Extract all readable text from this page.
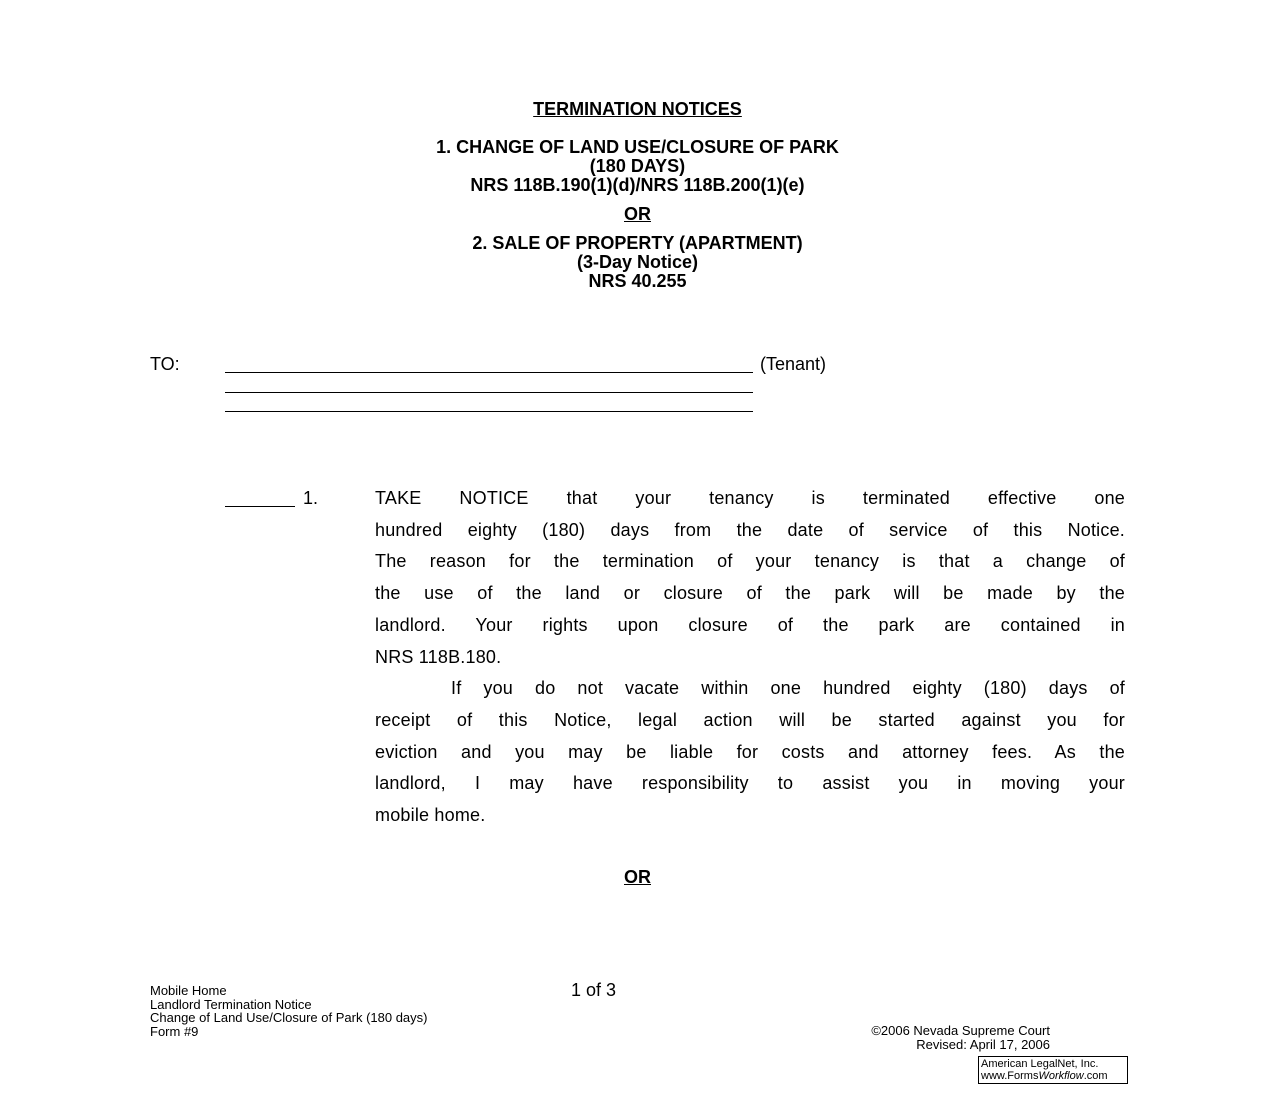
TERMINATION NOTICES
1. CHANGE OF LAND USE/CLOSURE OF PARK
(180 DAYS)
NRS 118B.190(1)(d)/NRS 118B.200(1)(e)
OR
2. SALE OF PROPERTY (APARTMENT)
(3-Day Notice)
NRS 40.255
TO:	(Tenant)
1.	TAKE NOTICE that your tenancy is terminated effective one
hundred eighty (180) days from the date of service of this Notice.
The reason for the termination of your tenancy is that a change of
the use of the land or closure of the park will be made by the
landlord. Your rights upon closure of the park are contained in
NRS 118B.180.
If you do not vacate within one hundred eighty (180) days of
receipt of this Notice, legal action will be started against you for
eviction and you may be liable for costs and attorney fees. As the
landlord, I may have responsibility to assist you in moving your
mobile home.
OR
Mobile Home
Landlord Termination Notice
Change of Land Use/Closure of Park (180 days)
Form #9
1 of 3
©2006 Nevada Supreme Court
Revised: April 17, 2006
American LegalNet, Inc.
www.FormsWorkflow.com
